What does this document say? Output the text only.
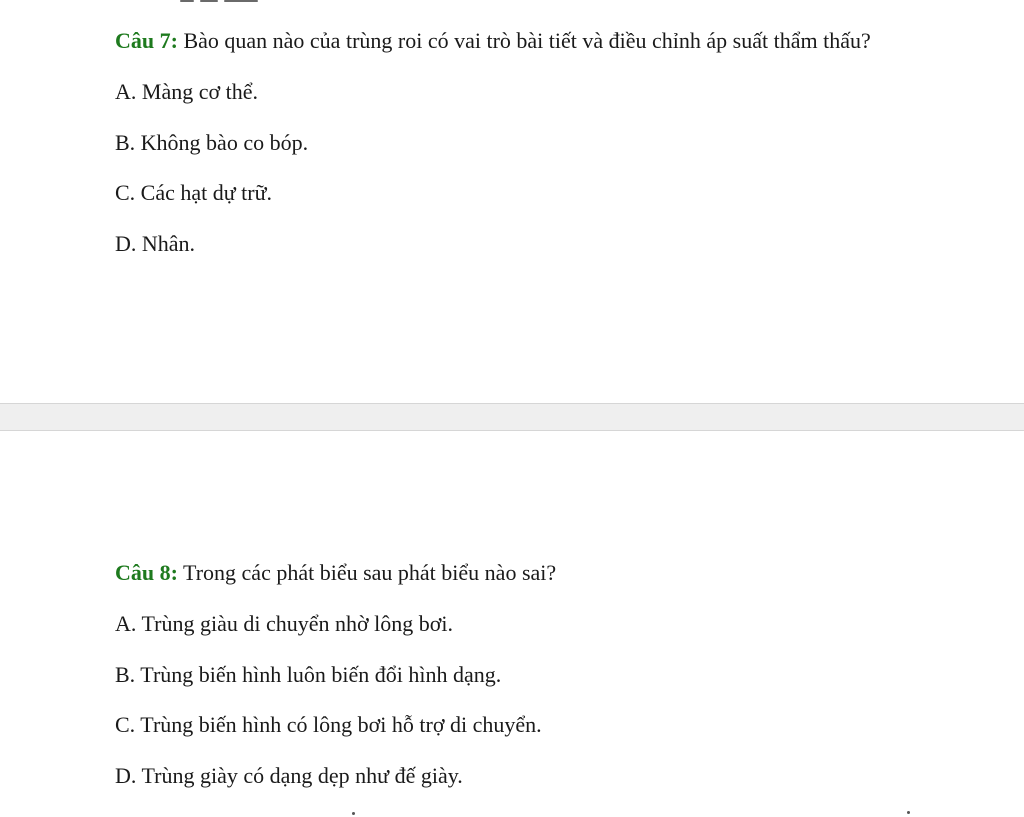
Câu 7: Bào quan nào của trùng roi có vai trò bài tiết và điều chỉnh áp suất thẩm thấu?
A. Màng cơ thể.
B. Không bào co bóp.
C. Các hạt dự trữ.
D. Nhân.
Câu 8: Trong các phát biểu sau phát biểu nào sai?
A. Trùng giàu di chuyển nhờ lông bơi.
B. Trùng biến hình luôn biến đổi hình dạng.
C. Trùng biến hình có lông bơi hỗ trợ di chuyển.
D. Trùng giày có dạng dẹp như đế giày.
